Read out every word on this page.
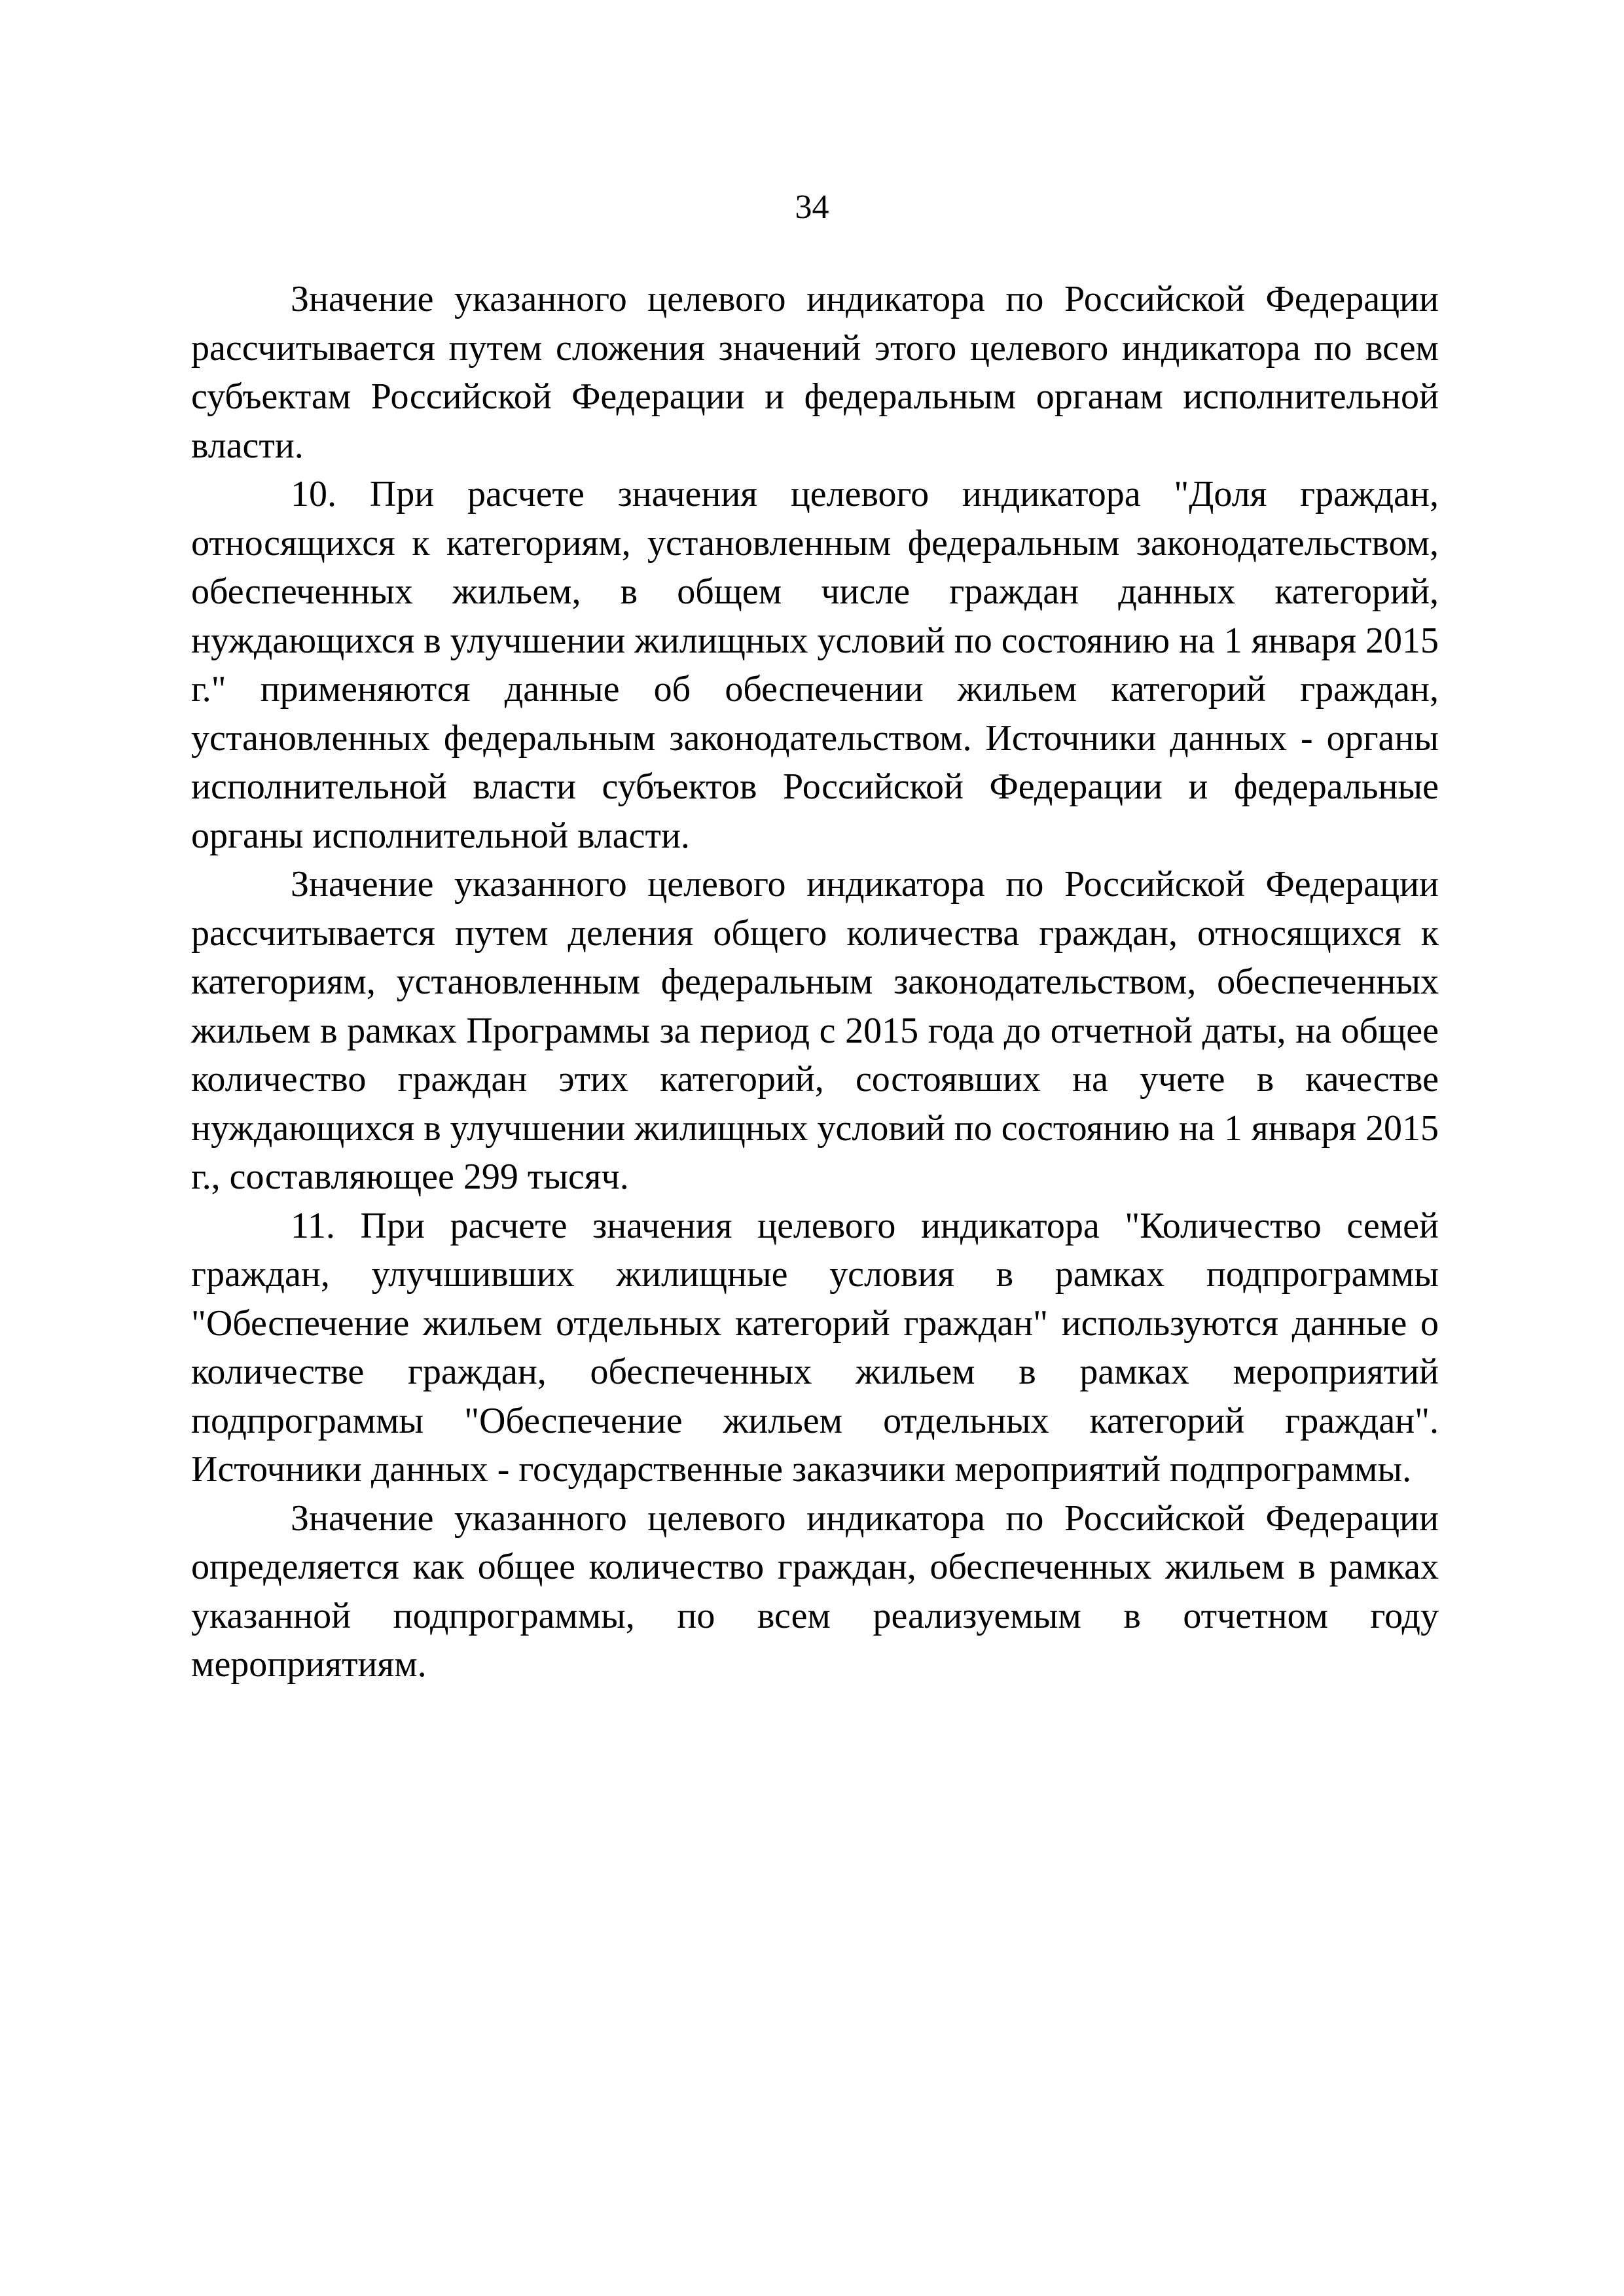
34

Значение указанного целевого индикатора по Российской Федерации рассчитывается путем сложения значений этого целевого индикатора по всем субъектам Российской Федерации и федеральным органам исполнительной власти.

10. При расчете значения целевого индикатора "Доля граждан, относящихся к категориям, установленным федеральным законодательством, обеспеченных жильем, в общем числе граждан данных категорий, нуждающихся в улучшении жилищных условий по состоянию на 1 января 2015 г." применяются данные об обеспечении жильем категорий граждан, установленных федеральным законодательством. Источники данных - органы исполнительной власти субъектов Российской Федерации и федеральные органы исполнительной власти.

Значение указанного целевого индикатора по Российской Федерации рассчитывается путем деления общего количества граждан, относящихся к категориям, установленным федеральным законодательством, обеспеченных жильем в рамках Программы за период с 2015 года до отчетной даты, на общее количество граждан этих категорий, состоявших на учете в качестве нуждающихся в улучшении жилищных условий по состоянию на 1 января 2015 г., составляющее 299 тысяч.

11. При расчете значения целевого индикатора "Количество семей граждан, улучшивших жилищные условия в рамках подпрограммы "Обеспечение жильем отдельных категорий граждан" используются данные о количестве граждан, обеспеченных жильем в рамках мероприятий подпрограммы "Обеспечение жильем отдельных категорий граждан". Источники данных - государственные заказчики мероприятий подпрограммы.

Значение указанного целевого индикатора по Российской Федерации определяется как общее количество граждан, обеспеченных жильем в рамках указанной подпрограммы, по всем реализуемым в отчетном году мероприятиям.
